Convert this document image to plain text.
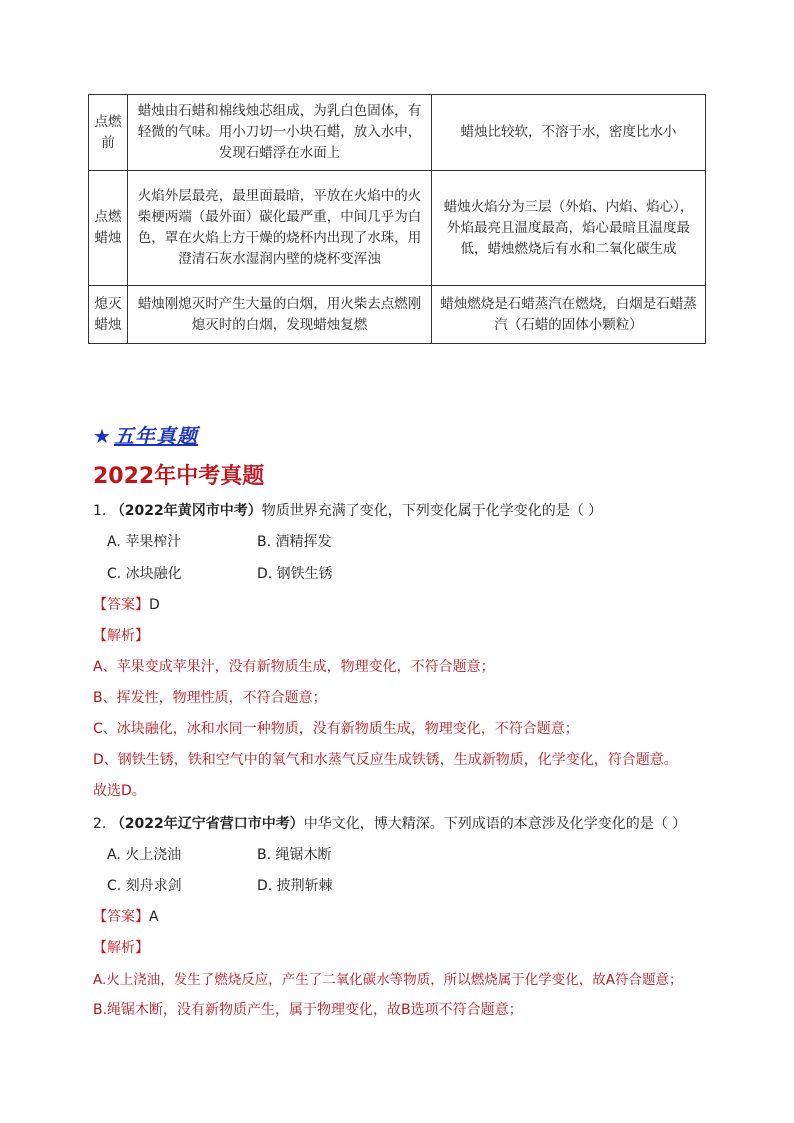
点燃前	蜡烛由石蜡和棉线烛芯组成，为乳白色固体，有轻微的气味。用小刀切一小块石蜡，放入水中，发现石蜡浮在水面上	蜡烛比较软，不溶于水，密度比水小
点燃蜡烛	火焰外层最亮，最里面最暗，平放在火焰中的火柴梗两端（最外面）碳化最严重，中间几乎为白色，罩在火焰上方干燥的烧杯内出现了水珠，用澄清石灰水湿润内壁的烧杯变浑浊	蜡烛火焰分为三层（外焰、内焰、焰心），外焰最亮且温度最高，焰心最暗且温度最低，蜡烛燃烧后有水和二氧化碳生成
熄灭蜡烛	蜡烛刚熄灭时产生大量的白烟，用火柴去点燃刚熄灭时的白烟，发现蜡烛复燃	蜡烛燃烧是石蜡蒸汽在燃烧，白烟是石蜡蒸汽（石蜡的固体小颗粒）
★ 五年真题
2022年中考真题
1. （2022年黄冈市中考）物质世界充满了变化，下列变化属于化学变化的是（ ）
A. 苹果榨汁	B. 酒精挥发
C. 冰块融化	D. 钢铁生锈
【答案】D
【解析】
A、苹果变成苹果汁，没有新物质生成，物理变化，不符合题意；
B、挥发性，物理性质，不符合题意；
C、冰块融化，冰和水同一种物质，没有新物质生成，物理变化，不符合题意；
D、钢铁生锈，铁和空气中的氧气和水蒸气反应生成铁锈，生成新物质，化学变化，符合题意。
故选D。
2. （2022年辽宁省营口市中考）中华文化，博大精深。下列成语的本意涉及化学变化的是（ ）
A. 火上浇油	B. 绳锯木断
C. 刻舟求剑	D. 披荆斩棘
【答案】A
【解析】
A.火上浇油，发生了燃烧反应，产生了二氧化碳水等物质，所以燃烧属于化学变化，故A符合题意；
B.绳锯木断，没有新物质产生，属于物理变化，故B选项不符合题意；
